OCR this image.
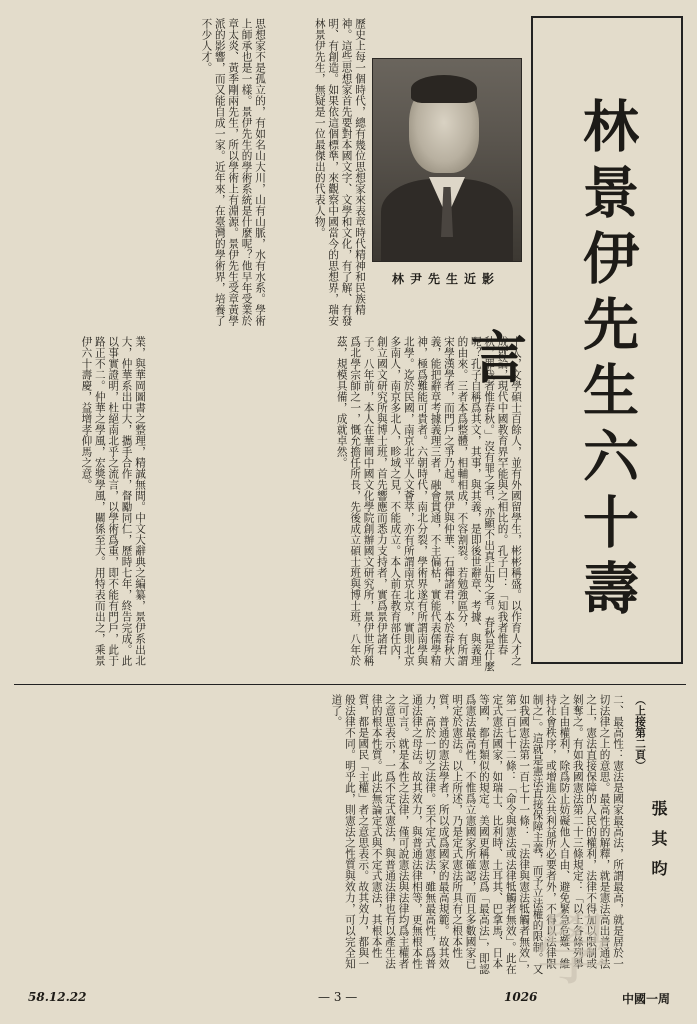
林景伊先生六十壽言
林尹先生近影
歷史上每一個時代，總有幾位思想家來表章時代精神和民族精神。這些思想家首先要對本國文字、文學和文化，有了解、有發明、有創造。如果依這個標準，來觀察中國當今的思想界，瑞安林景伊先生，無疑是一位最傑出的代表人物。
思想家不是孤立的，有如名山大川，山有山脈，水有水系。學術上師承也是一樣。景伊先生的學術系統是什麼呢？他早年受業於章太炎、黃季剛兩先生，所以學術上有淵源。景伊先生受章黃學派的影響，而又能自成一家。近年來，在臺灣的學術界，培養了不少人才。
十人，文學碩士百餘人，並有外國留學生，彬彬稱盛。以作育人才之成就論，現代中國教育界罕能與之相比的。孔子曰：「知我者惟春秋，罪我者惟春秋。」沒有罪之者，亦顯不出真正知之者。春秋是什麼呢？孔子自稱爲其文，其事，與其義，是即後世辭章、考據、與義理的由來。三者本爲整體，相輔相成，不容割裂。若勉強區分，有所謂宋學漢學者，而門戶之爭乃起。景伊與仲華、石禪諸君，本於春秋大義，能把辭章考據義理三者，融會貫通，不主偏枯，實能代表儒學精神，極爲難能可貴者。六朝時代，南北分裂，學術界遂有所謂南學與北學。迄於民國，南京北平人文薈萃，亦有所謂南京北京，實則北京多南人，南京多北人，畛域之見，不能成立。本人前在教育部任內，創立國文研究所與博士班，首先響應而悉力支持者，實爲景伊諸君子。八年前，本人在華岡中國文化學院創辦國文研究所，景伊世所稱爲北學宗師之一，慨允擔任所長，先後成立碩士班與博士班，八年於茲，規模具備，成就卓然。
業，與華岡圖書之整理，精誠無間。中文大辭典之編纂，景伊系出北大，仲華系出中大，攜手合作，督勵同仁，歷時七年，終告完成。此以事實證明，杜絕南北乎之流言，以學術爲重，即不能有門戶，此于路正不二。仲華之學風，宏獎學風，關係至大。用特表而出之，乘景伊六十壽慶，益增孝仰馬之意。
（上接第二頁）
二、最高性：憲法是國家最高法，所謂最高，就是居於一切法律之上的意思。最高性的解釋，就是憲法高出普通法之上，憲法直接保障的人民的權利，法律不得加以限制或剝奪之。有如我國憲法第二十三條規定：「以上各條列舉之自由權利，除爲防止妨礙他人自由、避免緊急危難、維持社會秩序，或增進公共利益所必要者外，不得以法律限制之」。這就是憲法直接保障主義，而予立法權的限制。又如我國憲法第一百七十一條：「法律與憲法牴觸者無效」，第一百七十二條：「命令與憲法或法律牴觸者無效」。此在定式憲法國家，如瑞士、比利時、土耳其、巴拿馬、日本等國，都有類似的規定。美國更稱憲法爲「最高法」，即認爲憲法最高性，不惟爲立憲國家所確認，而且多數國家已明定於憲法。以上所述，乃是定式憲法所具有之根本性質，普通的憲法學者，所以成爲國家的最高規範。故其效力，高於一切之法律。至不定式憲法，雖無最高性，爲普通法律之母法。故其效力，與普通法律相等，更無根本性之可言。就是本性之法律，僅可說憲法與法律均爲主權者之意思表示，一爲不定式憲法，與普通法律也有以產生法律的根本性質。此法無論定式與不定式憲法，其根本性質，都是國民「主權」者之意思表示。故其效力，都與一般法律不同。明乎此，則憲法之性質與效力，可以完全知道了。
張其昀
學
58.12.22	— 3 —	1026	中國一周
